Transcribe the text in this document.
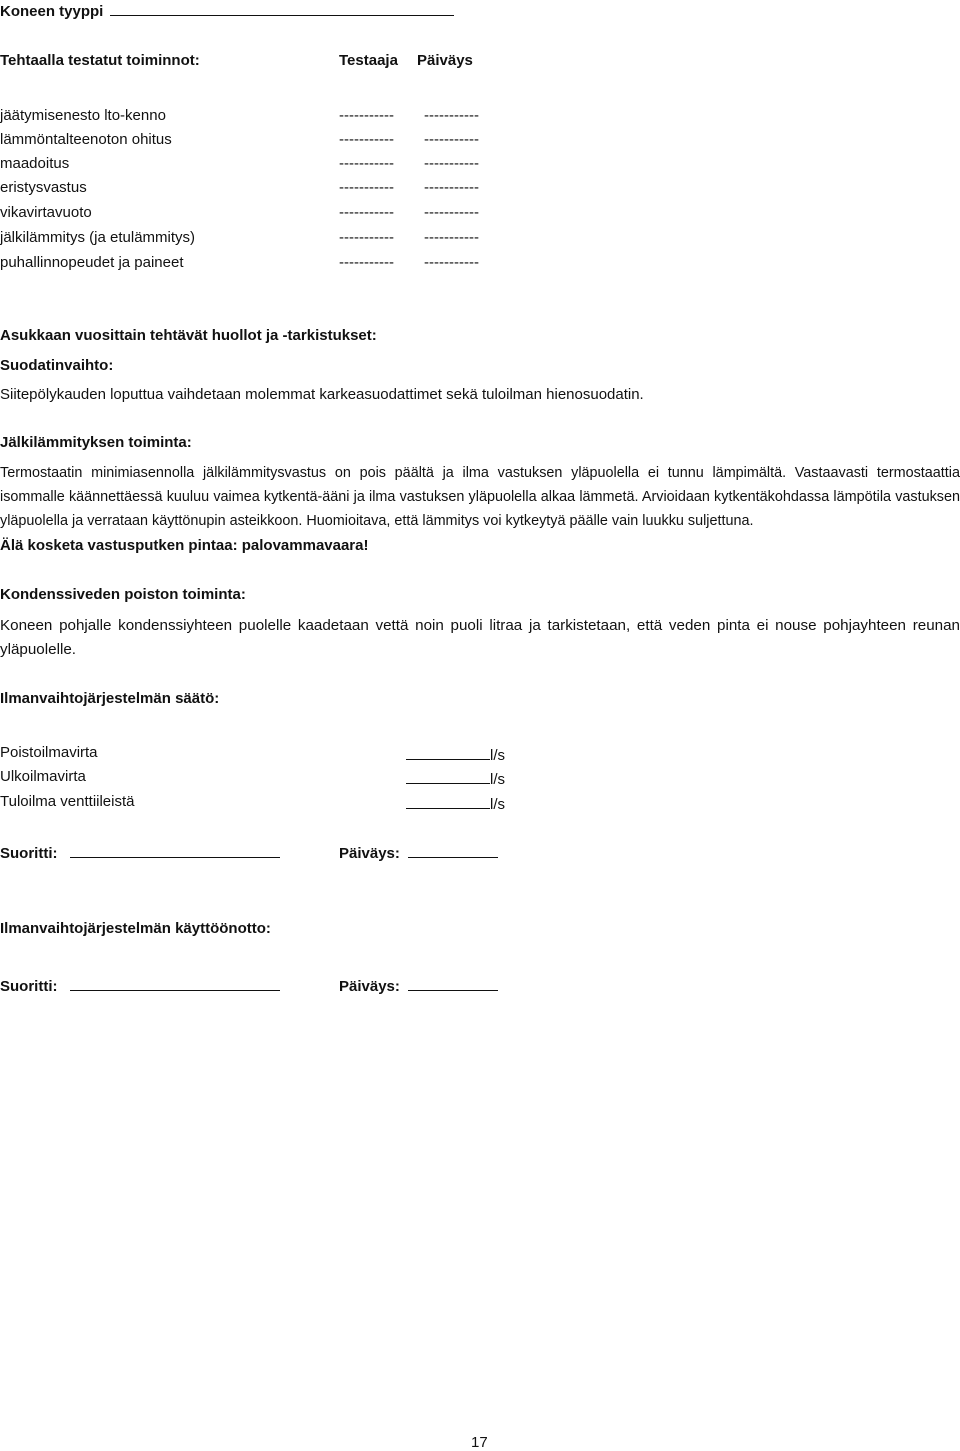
Koneen tyyppi
Tehtaalla testatut toiminnot:	Testaaja Päiväys
jäätymisenesto lto-kenno	----------- -----------
lämmöntalteenoton ohitus	----------- -----------
maadoitus	----------- -----------
eristysvastus	----------- -----------
vikavirtavuoto	----------- -----------
jälkilämmitys (ja etulämmitys)	----------- -----------
puhallinnopeudet ja paineet	----------- -----------
Asukkaan vuosittain tehtävät huollot ja -tarkistukset:
Suodatinvaihto:
Siitepölykauden loputtua vaihdetaan molemmat karkeasuodattimet sekä tuloilman hienosuodatin.
Jälkilämmityksen toiminta:
Termostaatin minimiasennolla jälkilämmitysvastus on pois päältä ja ilma vastuksen yläpuolella ei tunnu lämpimältä. Vastaavasti termostaattia isommalle käännettäessä kuuluu vaimea kytkentä-ääni ja ilma vastuksen yläpuolella alkaa lämmetä. Arvioidaan kytkentäkohdassa lämpötila vastuksen yläpuolella ja verrataan käyttönupin asteikkoon. Huomioitava, että lämmitys voi kytkeytyä päälle vain luukku suljettuna.
Älä kosketa vastusputken pintaa: palovammavaara!
Kondenssiveden poiston toiminta:
Koneen pohjalle kondenssiyhteen puolelle kaadetaan vettä noin puoli litraa ja tarkistetaan, että veden pinta ei nouse pohjayhteen reunan yläpuolelle.
Ilmanvaihtojärjestelmän säätö:
Poistoilmavirta	l/s
Ulkoilmavirta	l/s
Tuloilma venttiileistä	l/s
Suoritti:	Päiväys:
Ilmanvaihtojärjestelmän käyttöönotto:
Suoritti:	Päiväys:
17
